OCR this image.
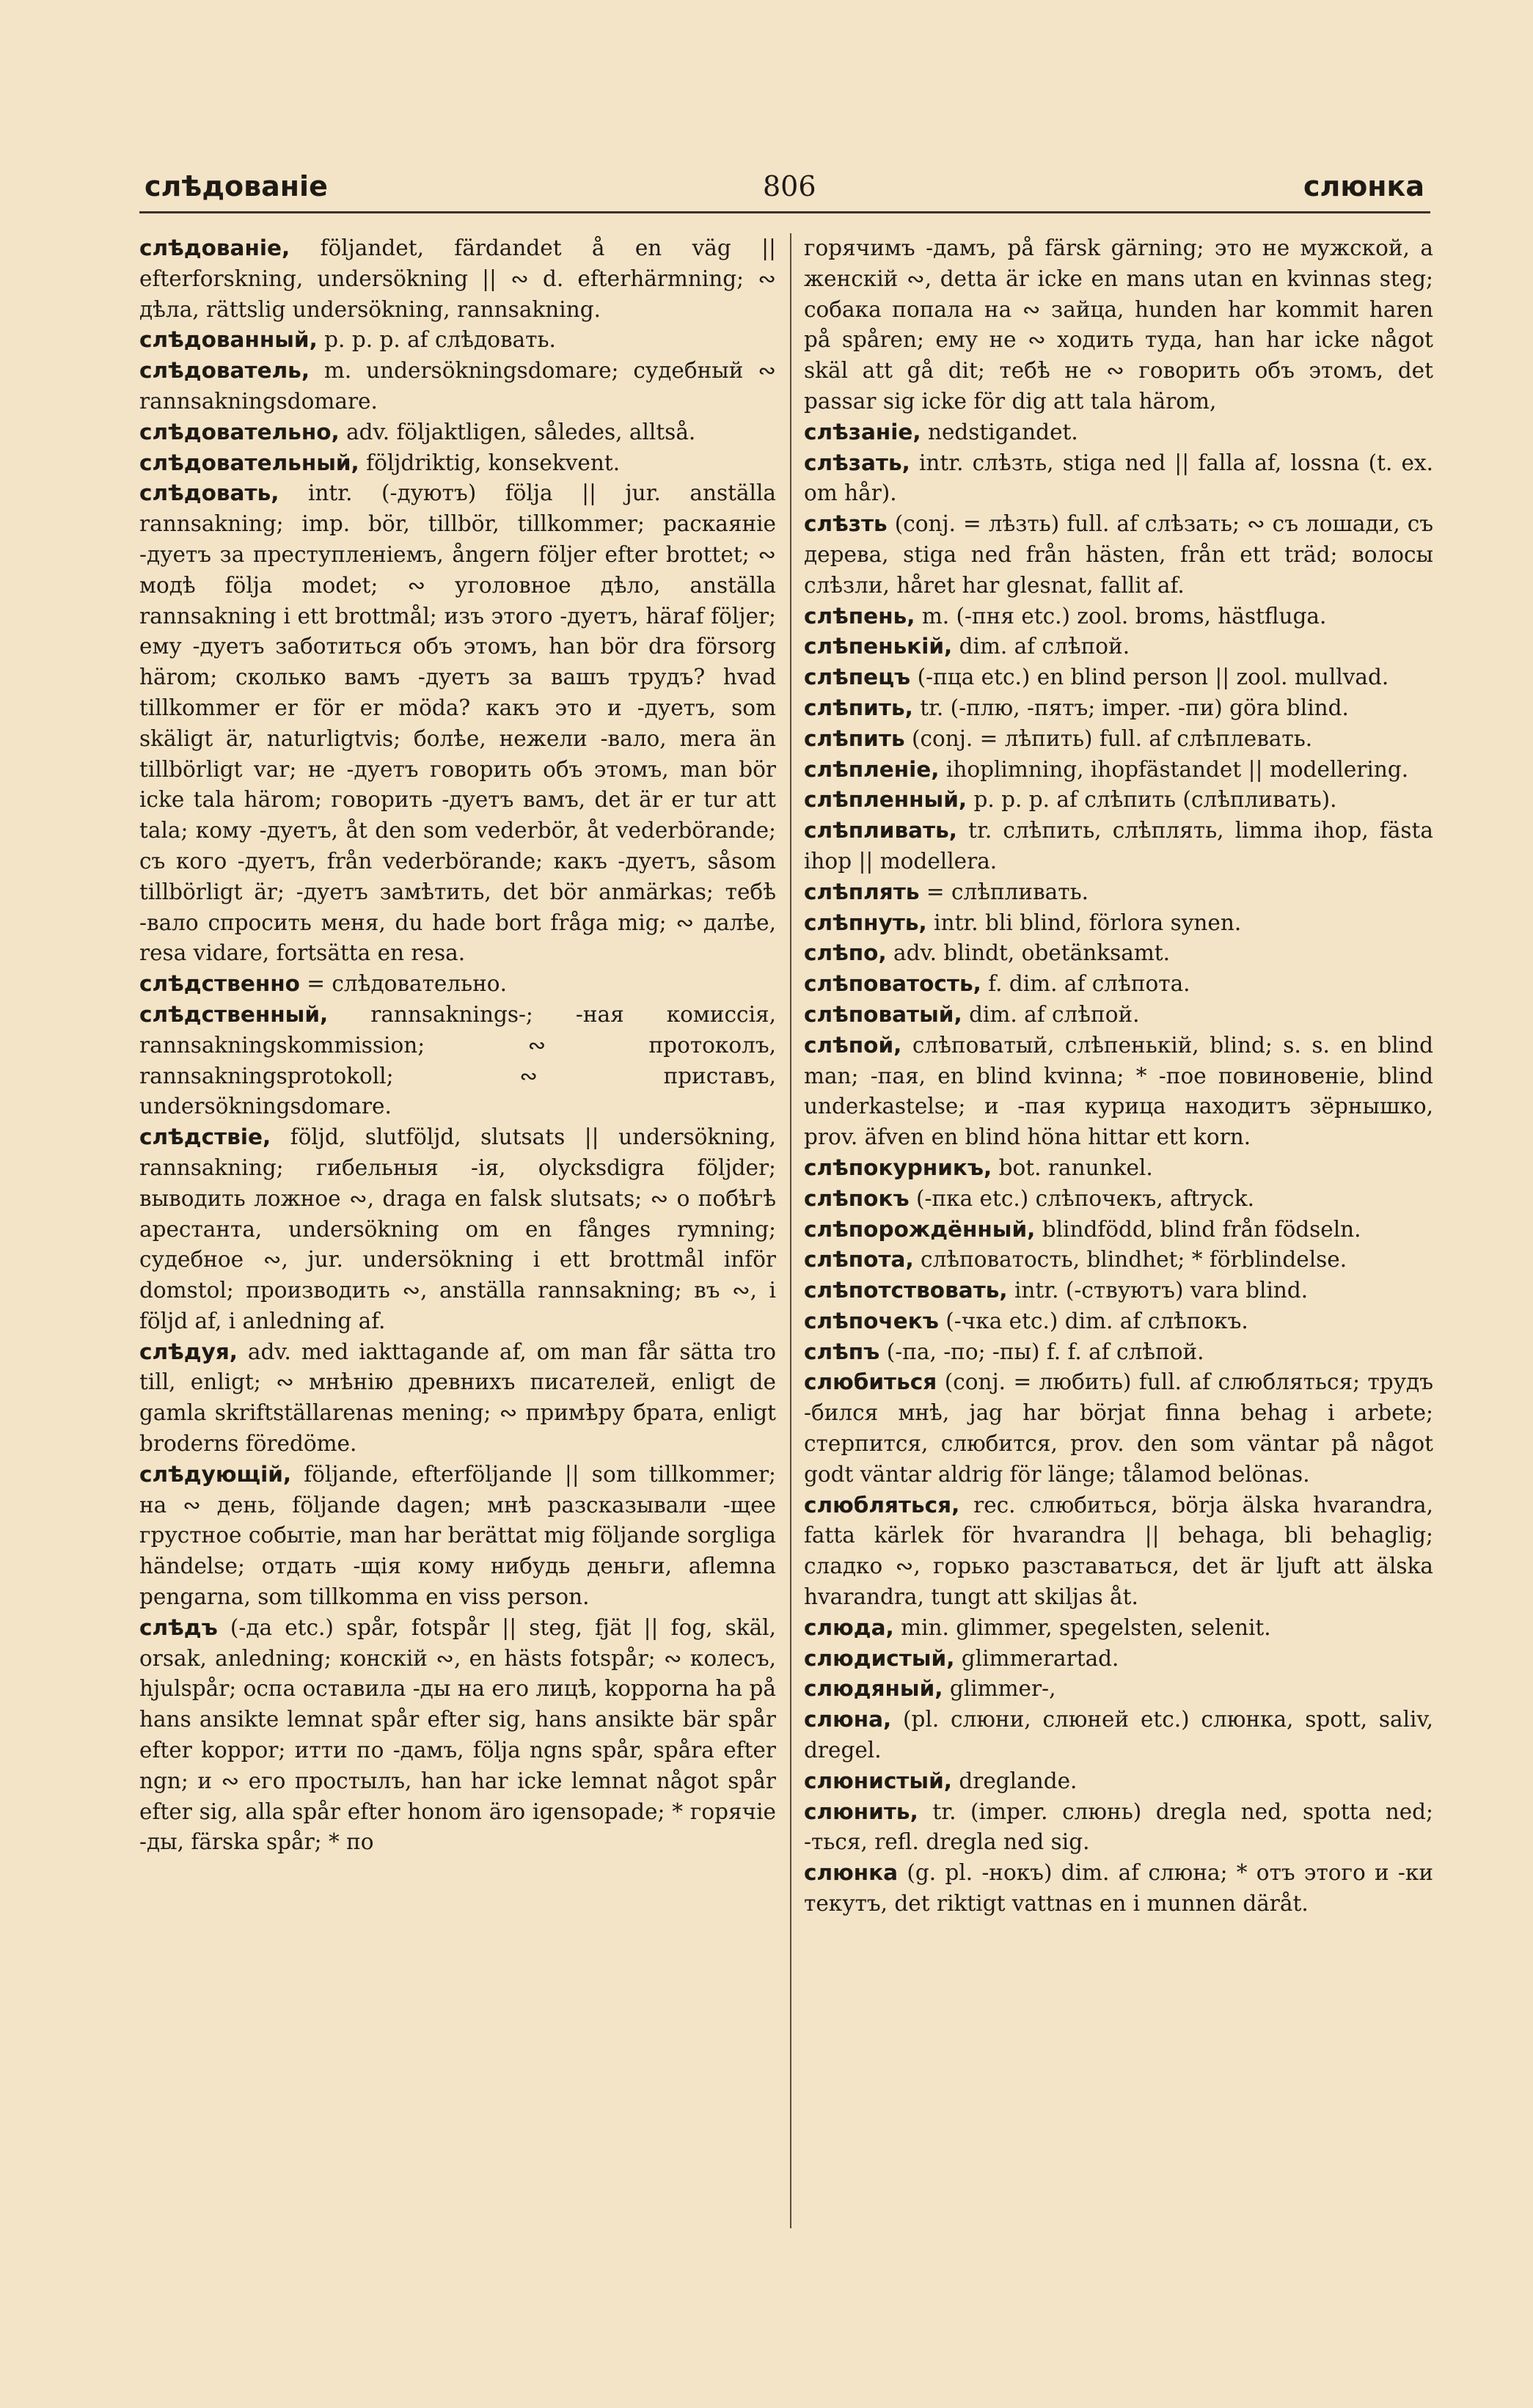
слѣдованіе	806	слюнка

слѣдованіе, följandet, färdandet å en väg || efterforskning, undersökning || ∾ d. efterhärmning; ∾ дѣла, rättslig undersökning, rannsakning.

слѣдованный, p. p. p. af слѣдовать.

слѣдователь, m. undersökningsdomare; судебный ∾ rannsakningsdomare.

слѣдовательно, adv. följaktligen, således, alltså.

слѣдовательный, följdriktig, konsekvent.

слѣдовать, intr. (-дуютъ) följa || jur. anställa rannsakning; imp. bör, tillbör, tillkommer; раскаяніе -дуетъ за преступленіемъ, ångern följer efter brottet; ∾ модѣ följa modet; ∾ уголовное дѣло, anställa rannsakning i ett brottmål; изъ этого -дуетъ, häraf följer; ему -дуетъ заботиться объ этомъ, han bör dra försorg härom; сколько вамъ -дуетъ за вашъ трудъ? hvad tillkommer er för er möda? какъ это и -дуетъ, som skäligt är, naturligtvis; болѣе, нежели -вало, mera än tillbörligt var; не -дуетъ говорить объ этомъ, man bör icke tala härom; говорить -дуетъ вамъ, det är er tur att tala; кому -дуетъ, åt den som vederbör, åt vederbörande; съ кого -дуетъ, från vederbörande; какъ -дуетъ, såsom tillbörligt är; -дуетъ замѣтить, det bör anmärkas; тебѣ -вало спросить меня, du hade bort fråga mig; ∾ далѣе, resa vidare, fortsätta en resa.

слѣдственно = слѣдовательно.

слѣдственный, rannsaknings-; -ная комиссія, rannsakningskommission; ∾ протоколъ, rannsakningsprotokoll; ∾ приставъ, undersökningsdomare.

слѣдствіе, följd, slutföljd, slutsats || undersökning, rannsakning; гибельныя -ія, olycksdigra följder; выводить ложное ∾, draga en falsk slutsats; ∾ о побѣгѣ арестанта, undersökning om en fånges rymning; судебное ∾, jur. undersökning i ett brottmål inför domstol; производить ∾, anställa rannsakning; въ ∾, i följd af, i anledning af.

слѣдуя, adv. med iakttagande af, om man får sätta tro till, enligt; ∾ мнѣнію древнихъ писателей, enligt de gamla skriftställarenas mening; ∾ примѣру брата, enligt broderns föredöme.

слѣдующій, följande, efterföljande || som tillkommer; на ∾ день, följande dagen; мнѣ разсказывали -щее грустное событіе, man har berättat mig följande sorgliga händelse; отдать -щія кому нибудь деньги, aflemna pengarna, som tillkomma en viss person.

слѣдъ (-да etc.) spår, fotspår || steg, fjät || fog, skäl, orsak, anledning; конскій ∾, en hästs fotspår; ∾ колесъ, hjulspår; оспа оставила -ды на его лицѣ, kopporna ha på hans ansikte lemnat spår efter sig, hans ansikte bär spår efter koppor; итти по -дамъ, följa ngns spår, spåra efter ngn; и ∾ его простылъ, han har icke lemnat något spår efter sig, alla spår efter honom äro igensopade; * горячіе -ды, färska spår; * по

горячимъ -дамъ, på färsk gärning; это не мужской, а женскій ∾, detta är icke en mans utan en kvinnas steg; собака попала на ∾ зайца, hunden har kommit haren på spåren; ему не ∾ ходить туда, han har icke något skäl att gå dit; тебѣ не ∾ говорить объ этомъ, det passar sig icke för dig att tala härom,

слѣзаніе, nedstigandet.

слѣзать, intr. слѣзть, stiga ned || falla af, lossna (t. ex. om hår).

слѣзть (conj. = лѣзть) full. af слѣзать; ∾ съ лошади, съ дерева, stiga ned från hästen, från ett träd; волосы слѣзли, håret har glesnat, fallit af.

слѣпень, m. (-пня etc.) zool. broms, hästfluga.

слѣпенькій, dim. af слѣпой.

слѣпецъ (-пца etc.) en blind person || zool. mullvad.

слѣпить, tr. (-плю, -пятъ; imper. -пи) göra blind.

слѣпить (conj. = лѣпить) full. af слѣплевать.

слѣпленіе, ihoplimning, ihopfästandet || modellering.

слѣпленный, p. p. p. af слѣпить (слѣпливать).

слѣпливать, tr. слѣпить, слѣплять, limma ihop, fästa ihop || modellera.

слѣплять = слѣпливать.

слѣпнуть, intr. bli blind, förlora synen.

слѣпо, adv. blindt, obetänksamt.

слѣповатость, f. dim. af слѣпота.

слѣповатый, dim. af слѣпой.

слѣпой, слѣповатый, слѣпенькій, blind; s. s. en blind man; -пая, en blind kvinna; * -пое повиновеніе, blind underkastelse; и -пая курица находитъ зёрнышко, prov. äfven en blind höna hittar ett korn.

слѣпокурникъ, bot. ranunkel.

слѣпокъ (-пка etc.) слѣпочекъ, aftryck.

слѣпорождённый, blindfödd, blind från födseln.

слѣпота, слѣповатость, blindhet; * förblindelse.

слѣпотствовать, intr. (-ствуютъ) vara blind.

слѣпочекъ (-чка etc.) dim. af слѣпокъ.

слѣпъ (-па, -по; -пы) f. f. af слѣпой.

слюбиться (conj. = любить) full. af слюбляться; трудъ -бился мнѣ, jag har börjat finna behag i arbete; стерпится, слюбится, prov. den som väntar på något godt väntar aldrig för länge; tålamod belönas.

слюбляться, rec. слюбиться, börja älska hvarandra, fatta kärlek för hvarandra || behaga, bli behaglig; сладко ∾, горько разставаться, det är ljuft att älska hvarandra, tungt att skiljas åt.

слюда, min. glimmer, spegelsten, selenit.

слюдистый, glimmerartad.

слюдяный, glimmer-,

слюна, (pl. слюни, слюней etc.) слюнка, spott, saliv, dregel.

слюнистый, dreglande.

слюнить, tr. (imper. слюнь) dregla ned, spotta ned; -ться, refl. dregla ned sig.

слюнка (g. pl. -нокъ) dim. af слюна; * отъ этого и -ки текутъ, det riktigt vattnas en i munnen däråt.
